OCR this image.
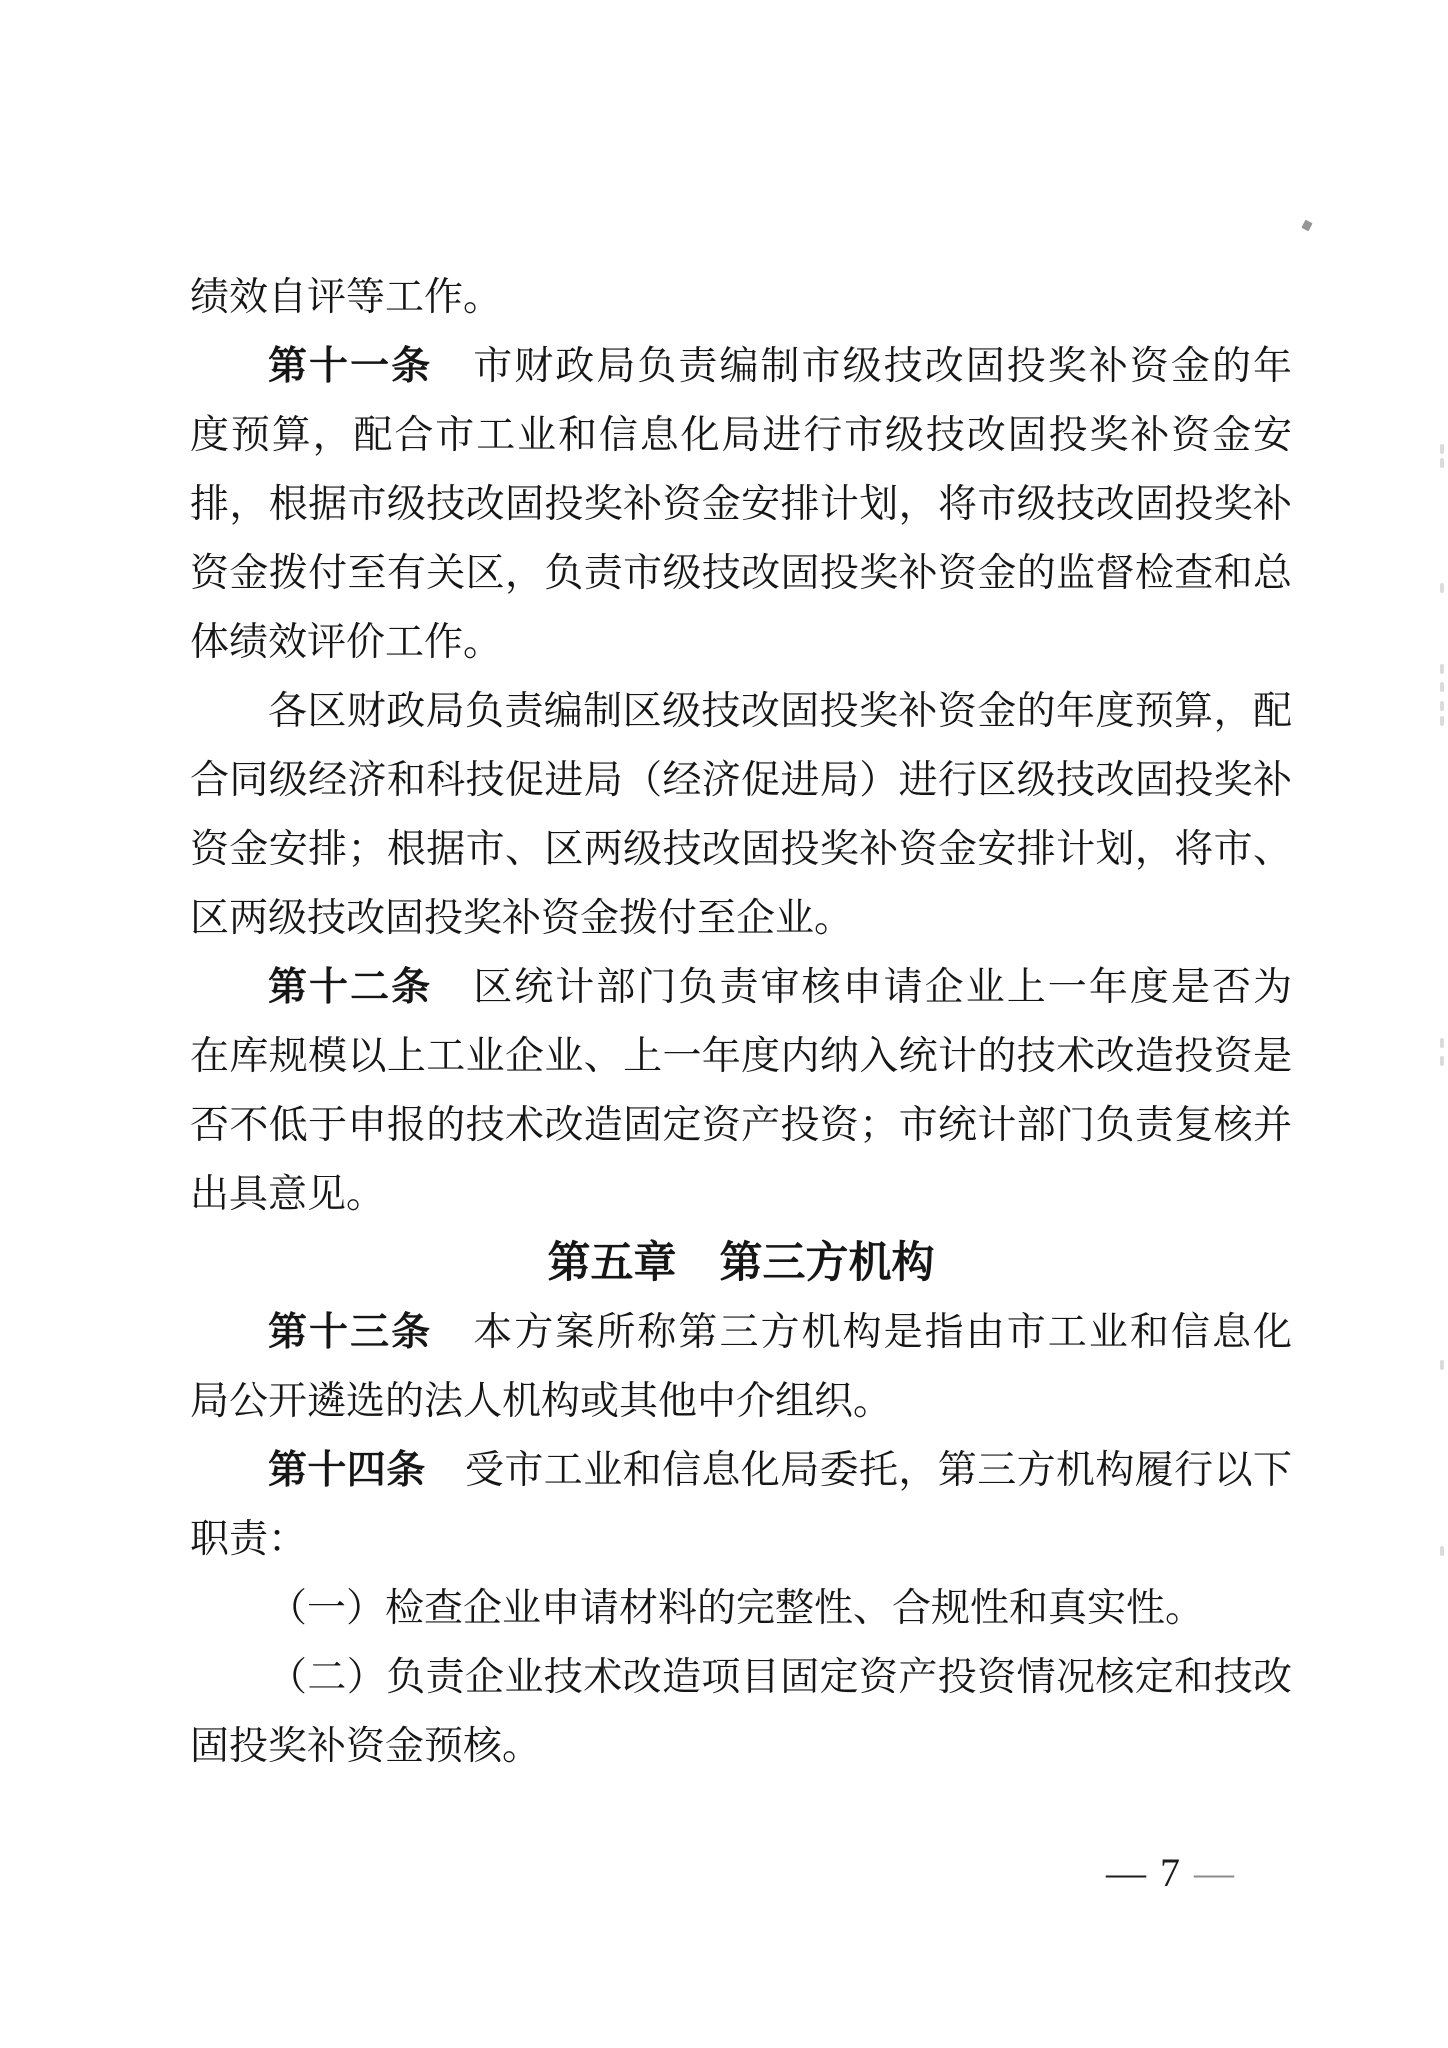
绩效自评等工作。
第十一条　市财政局负责编制市级技改固投奖补资金的年
度预算，配合市工业和信息化局进行市级技改固投奖补资金安
排，根据市级技改固投奖补资金安排计划，将市级技改固投奖补
资金拨付至有关区，负责市级技改固投奖补资金的监督检查和总
体绩效评价工作。
各区财政局负责编制区级技改固投奖补资金的年度预算，配
合同级经济和科技促进局（经济促进局）进行区级技改固投奖补
资金安排；根据市、区两级技改固投奖补资金安排计划，将市、
区两级技改固投奖补资金拨付至企业。
第十二条　区统计部门负责审核申请企业上一年度是否为
在库规模以上工业企业、上一年度内纳入统计的技术改造投资是
否不低于申报的技术改造固定资产投资；市统计部门负责复核并
出具意见。
第五章　第三方机构
第十三条　本方案所称第三方机构是指由市工业和信息化
局公开遴选的法人机构或其他中介组织。
第十四条　受市工业和信息化局委托，第三方机构履行以下
职责：
（一）检查企业申请材料的完整性、合规性和真实性。
（二）负责企业技术改造项目固定资产投资情况核定和技改
固投奖补资金预核。
— 7 —
